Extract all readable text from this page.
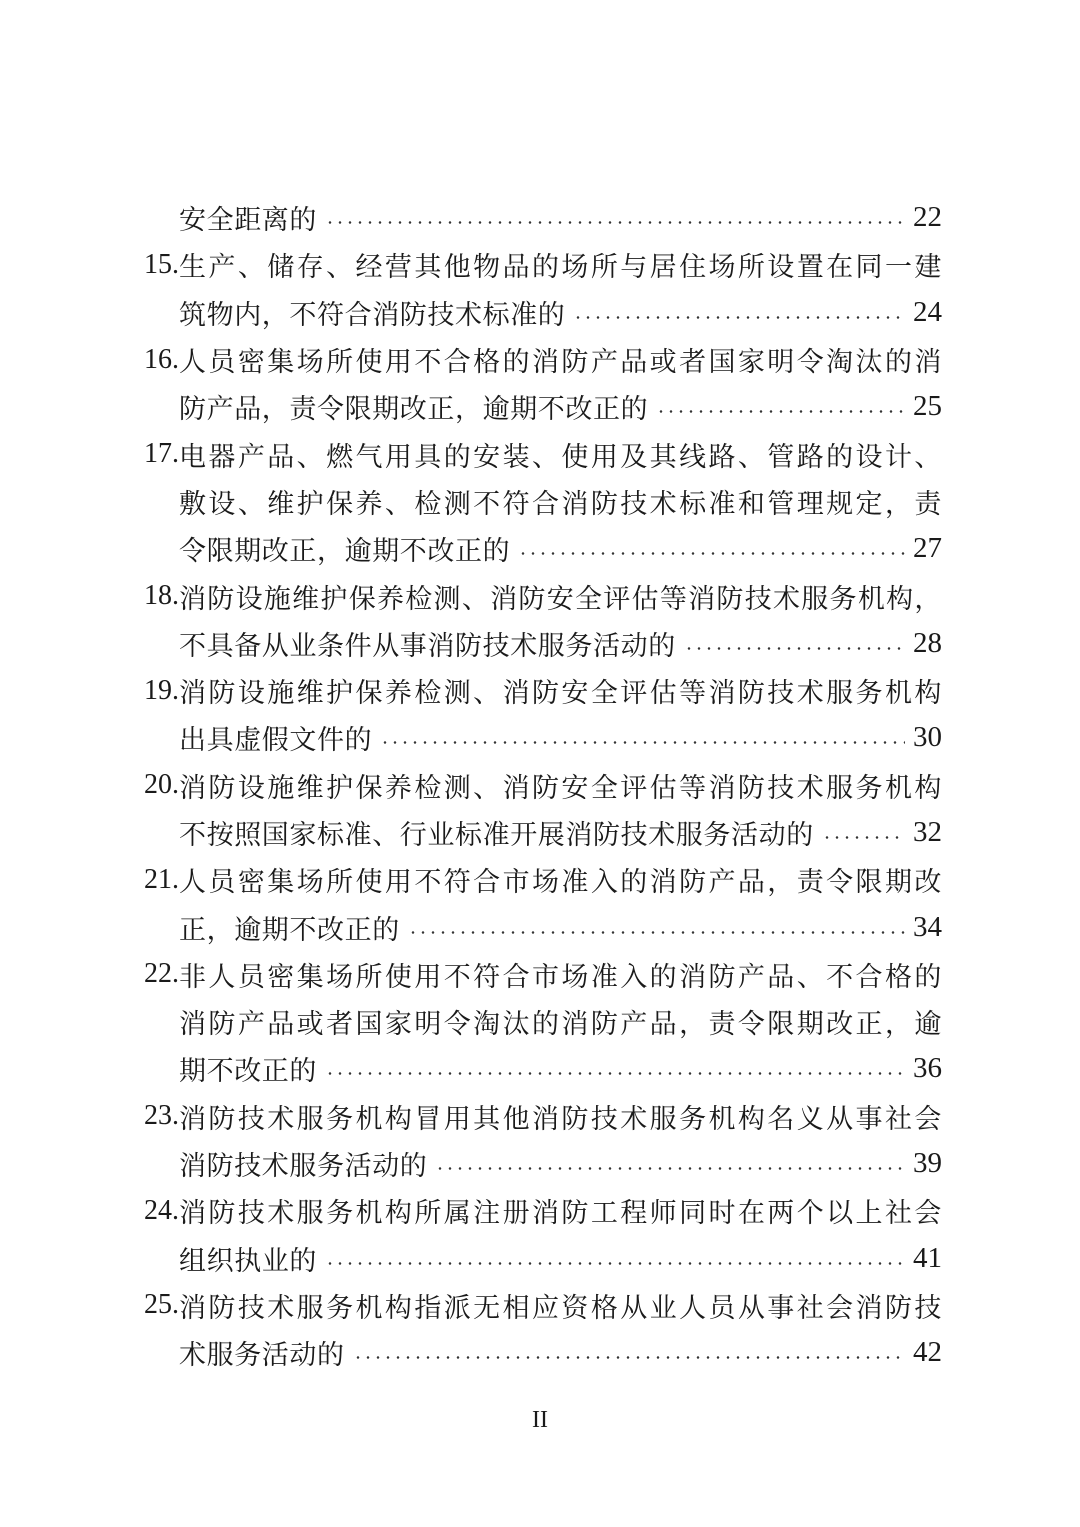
安全距离的	22
15. 生产、储存、经营其他物品的场所与居住场所设置在同一建
筑物内，不符合消防技术标准的	24
16. 人员密集场所使用不合格的消防产品或者国家明令淘汰的消
防产品，责令限期改正，逾期不改正的	25
17. 电器产品、燃气用具的安装、使用及其线路、管路的设计、
敷设、维护保养、检测不符合消防技术标准和管理规定，责
令限期改正，逾期不改正的	27
18. 消防设施维护保养检测、消防安全评估等消防技术服务机构，
不具备从业条件从事消防技术服务活动的	28
19. 消防设施维护保养检测、消防安全评估等消防技术服务机构
出具虚假文件的	30
20. 消防设施维护保养检测、消防安全评估等消防技术服务机构
不按照国家标准、行业标准开展消防技术服务活动的	32
21. 人员密集场所使用不符合市场准入的消防产品，责令限期改
正，逾期不改正的	34
22. 非人员密集场所使用不符合市场准入的消防产品、不合格的
消防产品或者国家明令淘汰的消防产品，责令限期改正，逾
期不改正的	36
23. 消防技术服务机构冒用其他消防技术服务机构名义从事社会
消防技术服务活动的	39
24. 消防技术服务机构所属注册消防工程师同时在两个以上社会
组织执业的	41
25. 消防技术服务机构指派无相应资格从业人员从事社会消防技
术服务活动的	42
II
